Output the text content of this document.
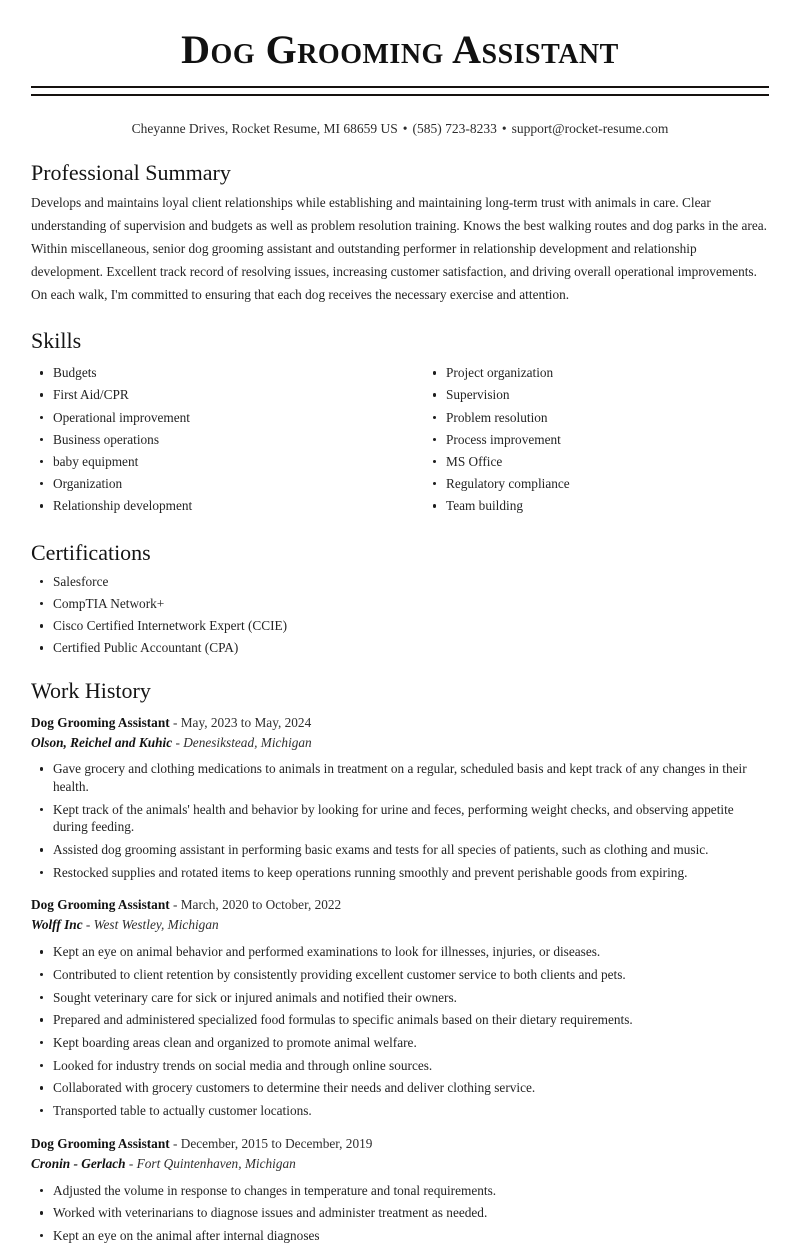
Dog Grooming Assistant
Cheyanne Drives, Rocket Resume, MI 68659 US • (585) 723-8233 • support@rocket-resume.com
Professional Summary

Develops and maintains loyal client relationships while establishing and maintaining long-term trust with animals in care. Clear understanding of supervision and budgets as well as problem resolution training. Knows the best walking routes and dog parks in the area. Within miscellaneous, senior dog grooming assistant and outstanding performer in relationship development and relationship development. Excellent track record of resolving issues, increasing customer satisfaction, and driving overall operational improvements. On each walk, I'm committed to ensuring that each dog receives the necessary exercise and attention.

Skills
Budgets
First Aid/CPR
Operational improvement
Business operations
baby equipment
Organization
Relationship development
Project organization
Supervision
Problem resolution
Process improvement
MS Office
Regulatory compliance
Team building
Certifications
Salesforce
CompTIA Network+
Cisco Certified Internetwork Expert (CCIE)
Certified Public Accountant (CPA)
Work History
Dog Grooming Assistant - May, 2023 to May, 2024
Olson, Reichel and Kuhic - Denesikstead, Michigan
Gave grocery and clothing medications to animals in treatment on a regular, scheduled basis and kept track of any changes in their health.
Kept track of the animals' health and behavior by looking for urine and feces, performing weight checks, and observing appetite during feeding.
Assisted dog grooming assistant in performing basic exams and tests for all species of patients, such as clothing and music.
Restocked supplies and rotated items to keep operations running smoothly and prevent perishable goods from expiring.
Dog Grooming Assistant - March, 2020 to October, 2022
Wolff Inc - West Westley, Michigan
Kept an eye on animal behavior and performed examinations to look for illnesses, injuries, or diseases.
Contributed to client retention by consistently providing excellent customer service to both clients and pets.
Sought veterinary care for sick or injured animals and notified their owners.
Prepared and administered specialized food formulas to specific animals based on their dietary requirements.
Kept boarding areas clean and organized to promote animal welfare.
Looked for industry trends on social media and through online sources.
Collaborated with grocery customers to determine their needs and deliver clothing service.
Transported table to actually customer locations.
Dog Grooming Assistant - December, 2015 to December, 2019
Cronin - Gerlach - Fort Quintenhaven, Michigan
Adjusted the volume in response to changes in temperature and tonal requirements.
Worked with veterinarians to diagnose issues and administer treatment as needed.
Kept an eye on the animal after internal diagnoses
